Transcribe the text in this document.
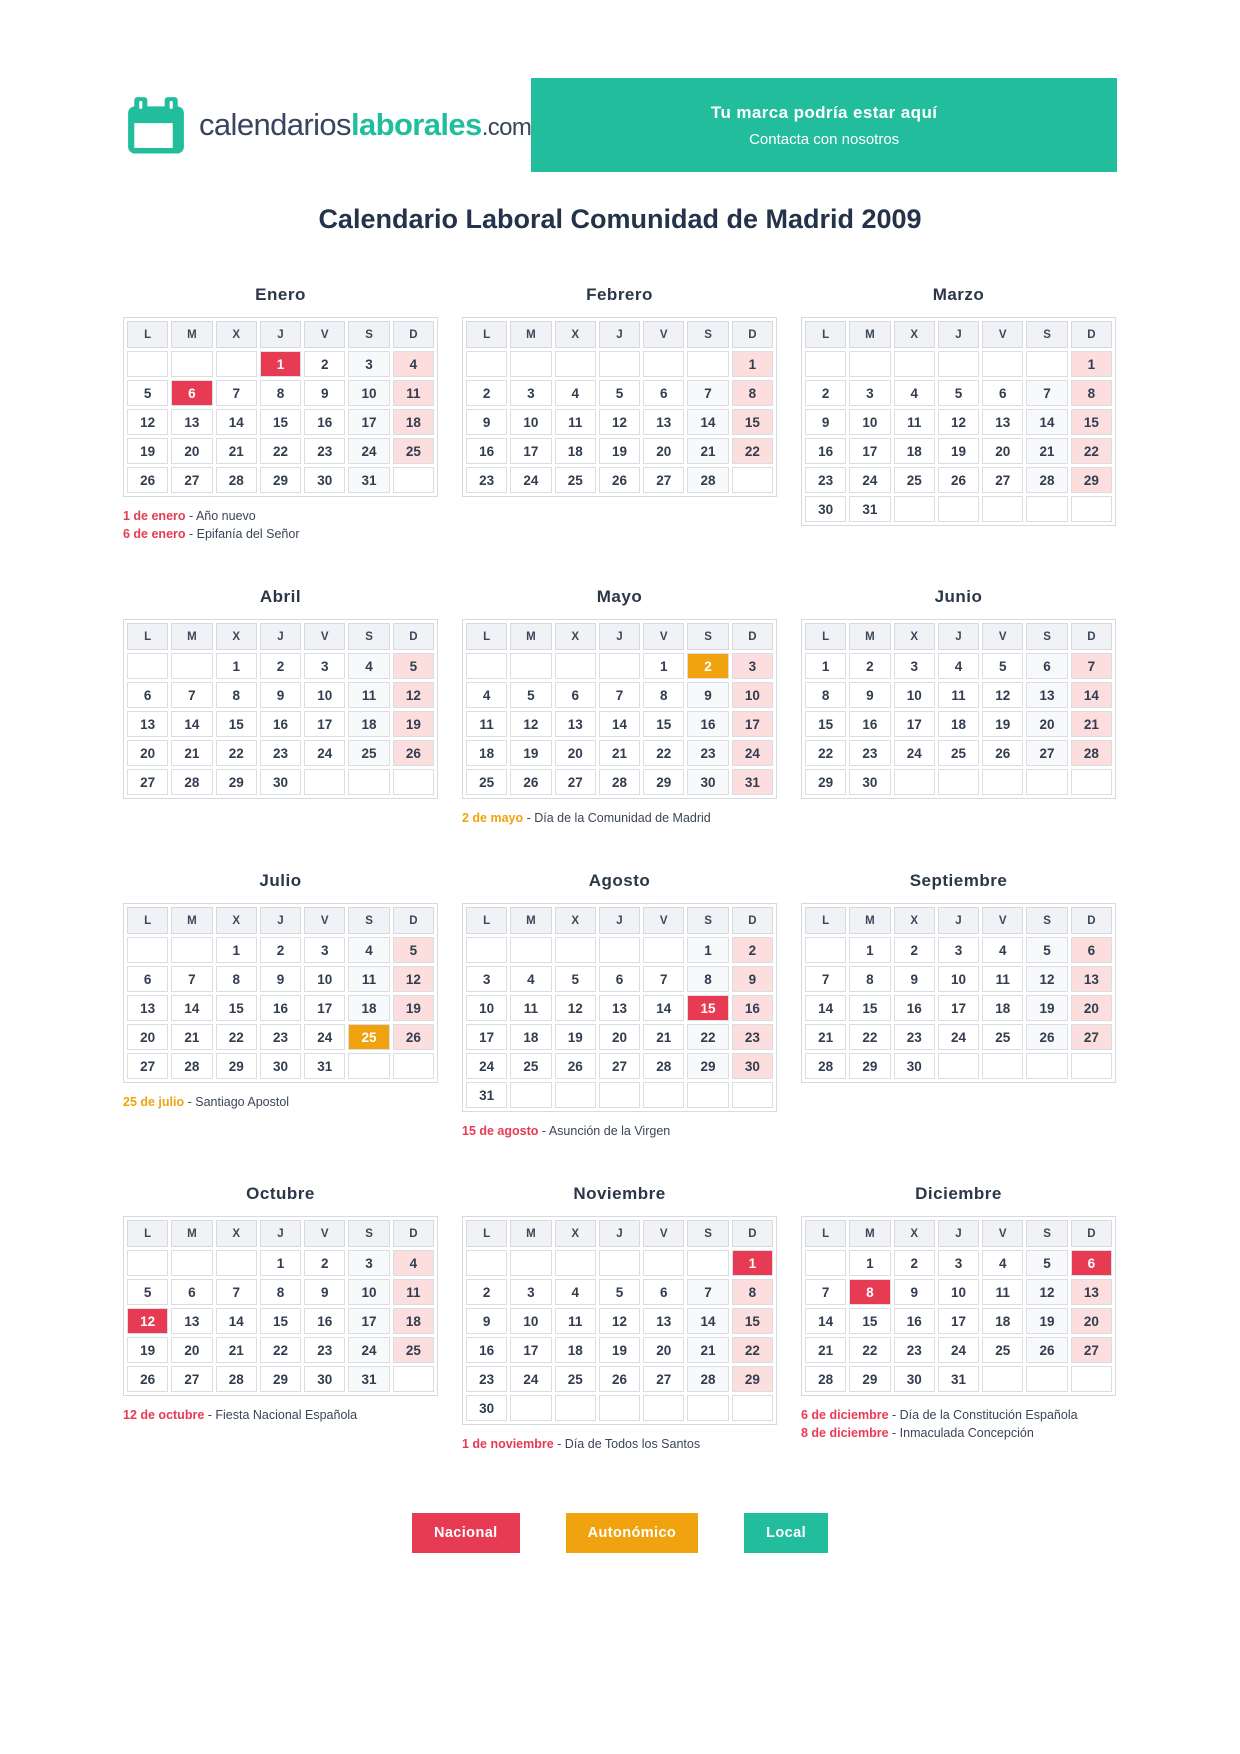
calendarioslaborales.com
Tu marca podría estar aquí
Contacta con nosotros
Calendario Laboral Comunidad de Madrid 2009
Enero
L	M	X	J	V	S	D
			1	2	3	4
5	6	7	8	9	10	11
12	13	14	15	16	17	18
19	20	21	22	23	24	25
26	27	28	29	30	31	
1 de enero - Año nuevo
6 de enero - Epifanía del Señor
Febrero
L	M	X	J	V	S	D
						1
2	3	4	5	6	7	8
9	10	11	12	13	14	15
16	17	18	19	20	21	22
23	24	25	26	27	28	
Marzo
L	M	X	J	V	S	D
						1
2	3	4	5	6	7	8
9	10	11	12	13	14	15
16	17	18	19	20	21	22
23	24	25	26	27	28	29
30	31					
Abril
L	M	X	J	V	S	D
		1	2	3	4	5
6	7	8	9	10	11	12
13	14	15	16	17	18	19
20	21	22	23	24	25	26
27	28	29	30			
Mayo
L	M	X	J	V	S	D
				1	2	3
4	5	6	7	8	9	10
11	12	13	14	15	16	17
18	19	20	21	22	23	24
25	26	27	28	29	30	31
2 de mayo - Día de la Comunidad de Madrid
Junio
L	M	X	J	V	S	D
1	2	3	4	5	6	7
8	9	10	11	12	13	14
15	16	17	18	19	20	21
22	23	24	25	26	27	28
29	30					
Julio
L	M	X	J	V	S	D
		1	2	3	4	5
6	7	8	9	10	11	12
13	14	15	16	17	18	19
20	21	22	23	24	25	26
27	28	29	30	31		
25 de julio - Santiago Apostol
Agosto
L	M	X	J	V	S	D
					1	2
3	4	5	6	7	8	9
10	11	12	13	14	15	16
17	18	19	20	21	22	23
24	25	26	27	28	29	30
31						
15 de agosto - Asunción de la Virgen
Septiembre
L	M	X	J	V	S	D
	1	2	3	4	5	6
7	8	9	10	11	12	13
14	15	16	17	18	19	20
21	22	23	24	25	26	27
28	29	30				
Octubre
L	M	X	J	V	S	D
			1	2	3	4
5	6	7	8	9	10	11
12	13	14	15	16	17	18
19	20	21	22	23	24	25
26	27	28	29	30	31	
12 de octubre - Fiesta Nacional Española
Noviembre
L	M	X	J	V	S	D
						1
2	3	4	5	6	7	8
9	10	11	12	13	14	15
16	17	18	19	20	21	22
23	24	25	26	27	28	29
30						
1 de noviembre - Día de Todos los Santos
Diciembre
L	M	X	J	V	S	D
	1	2	3	4	5	6
7	8	9	10	11	12	13
14	15	16	17	18	19	20
21	22	23	24	25	26	27
28	29	30	31			
6 de diciembre - Día de la Constitución Española
8 de diciembre - Inmaculada Concepción
Nacional	Autonómico	Local
